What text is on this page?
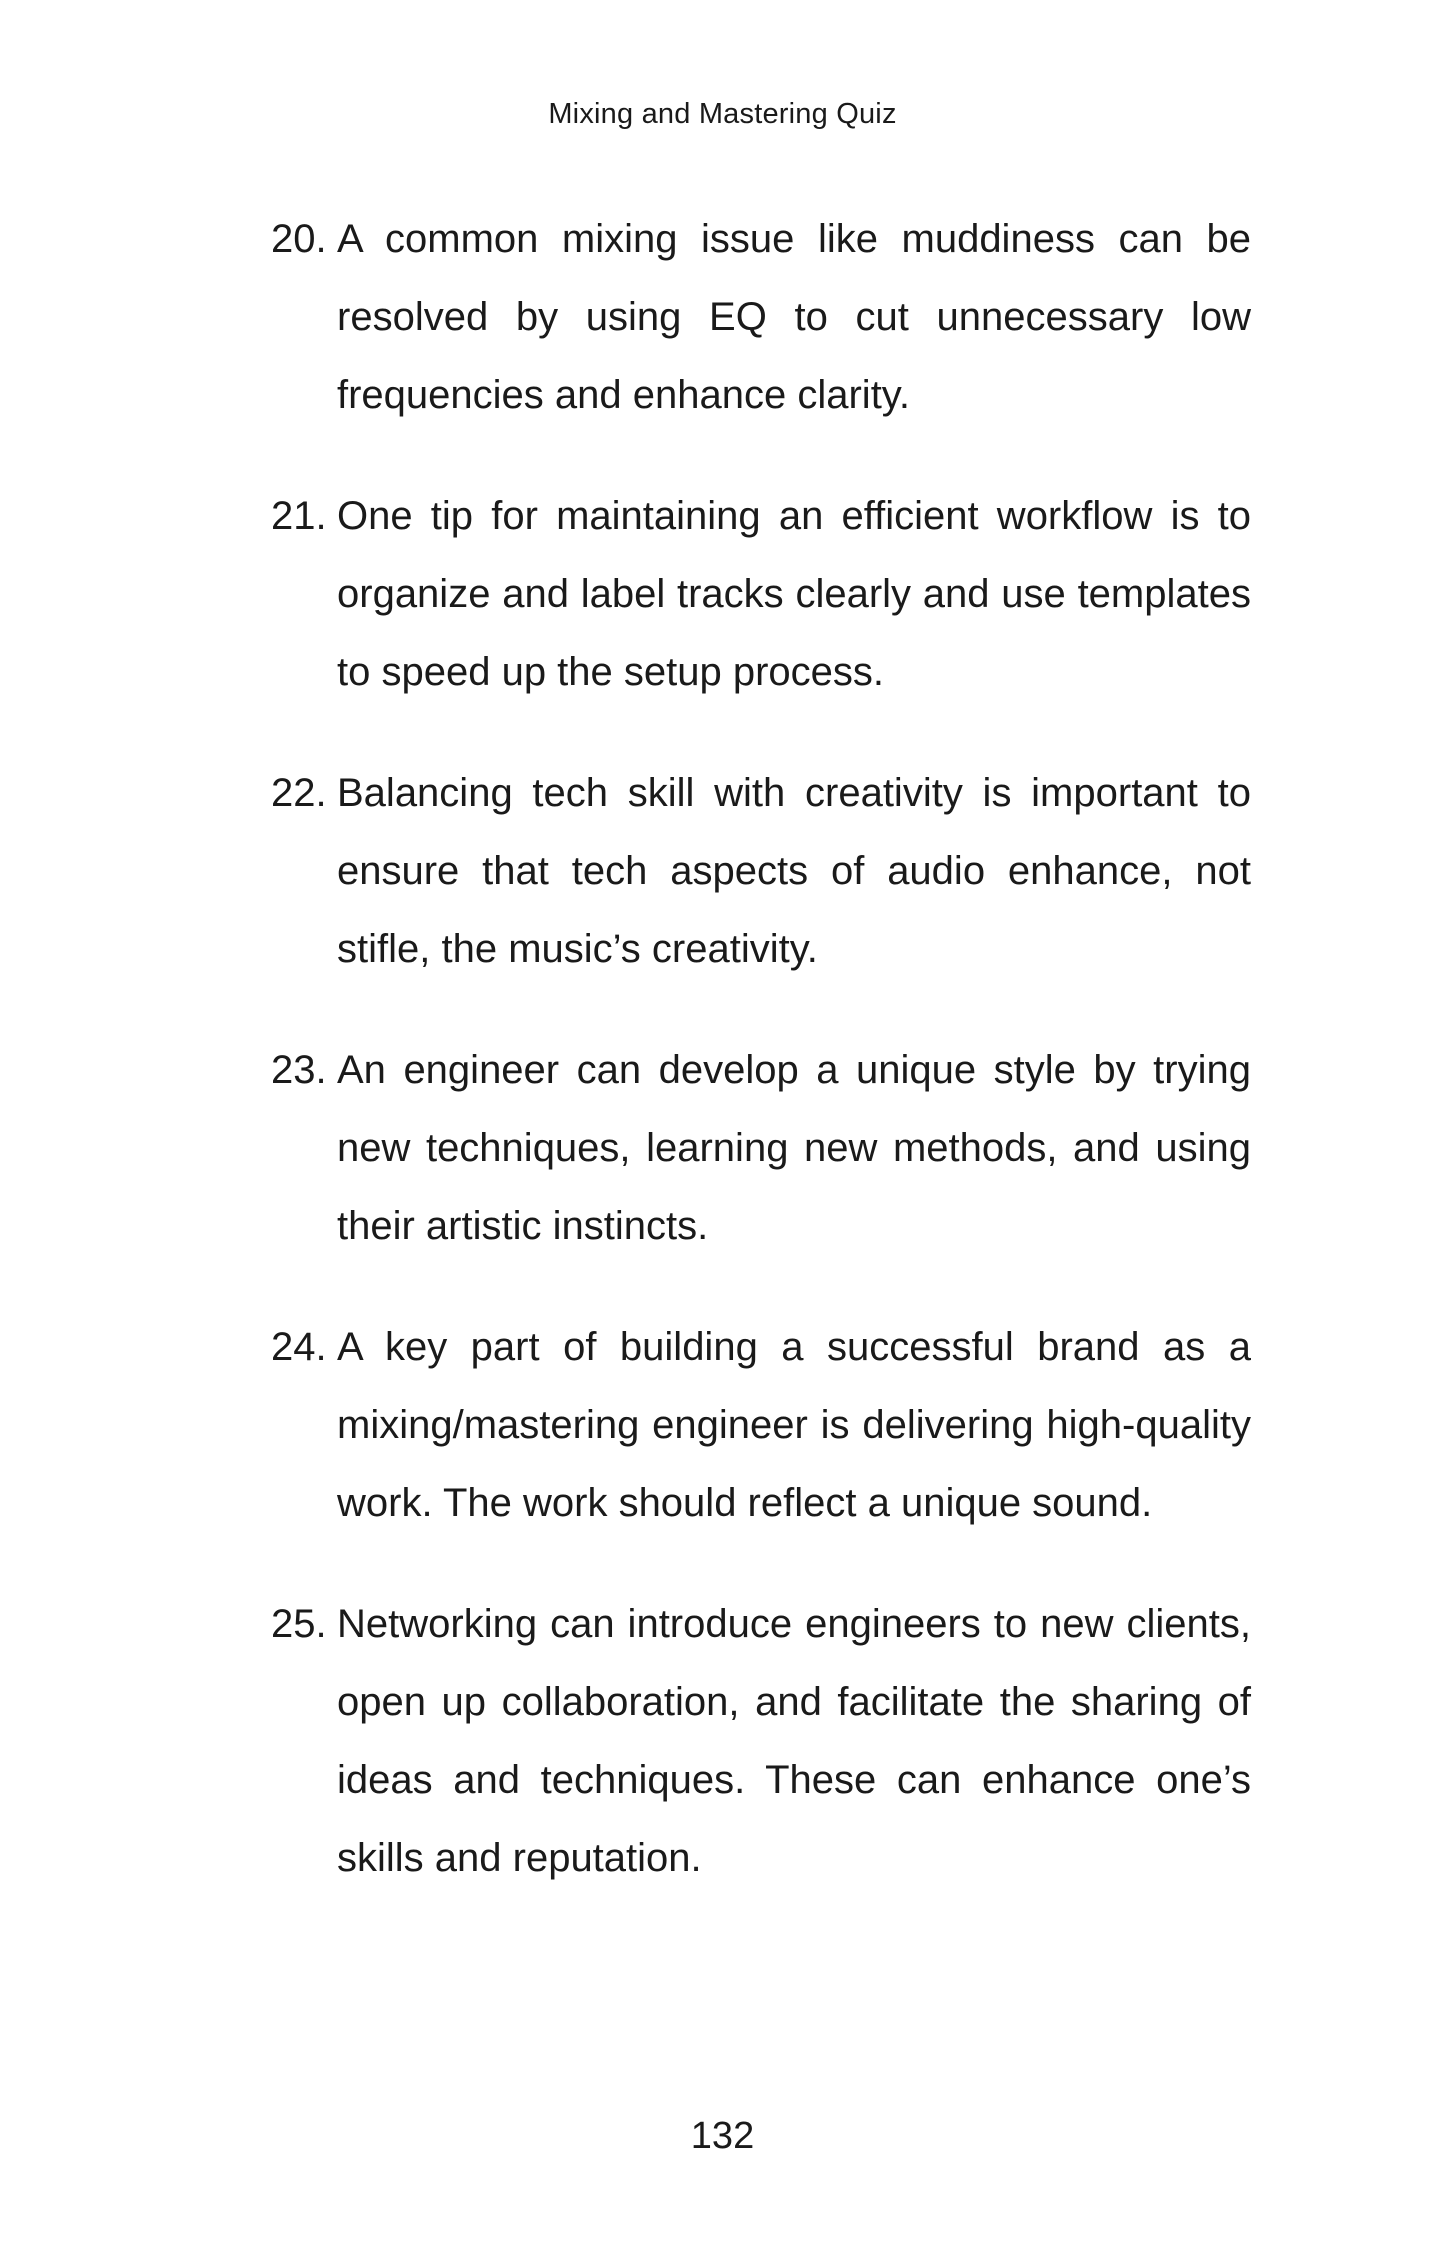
Mixing and Mastering Quiz
20. A common mixing issue like muddiness can be resolved by using EQ to cut unnecessary low frequencies and enhance clarity.
21. One tip for maintaining an efficient workflow is to organize and label tracks clearly and use templates to speed up the setup process.
22. Balancing tech skill with creativity is important to ensure that tech aspects of audio enhance, not stifle, the music’s creativity.
23. An engineer can develop a unique style by trying new techniques, learning new methods, and using their artistic instincts.
24. A key part of building a successful brand as a mixing/mastering engineer is delivering high-quality work. The work should reflect a unique sound.
25. Networking can introduce engineers to new clients, open up collaboration, and facilitate the sharing of ideas and techniques. These can enhance one’s skills and reputation.
132
